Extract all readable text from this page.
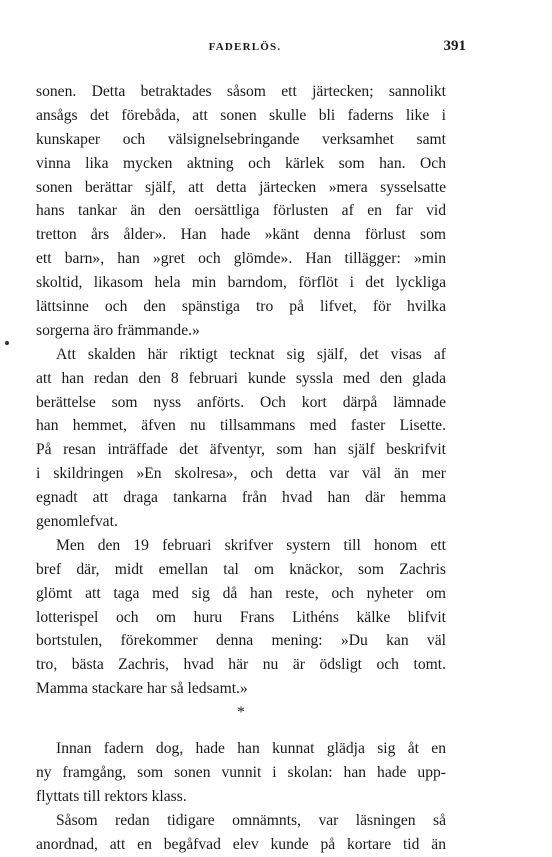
FADERLÖS.	391
sonen. Detta betraktades såsom ett järtecken; sannolikt
ansågs det förebåda, att sonen skulle bli faderns like i
kunskaper och välsignelsebringande verksamhet samt
vinna lika mycken aktning och kärlek som han. Och
sonen berättar själf, att detta järtecken »mera sysselsatte
hans tankar än den oersättliga förlusten af en far vid
tretton års ålder». Han hade »känt denna förlust som
ett barn», han »gret och glömde». Han tillägger: »min
skoltid, likasom hela min barndom, förflöt i det lyckliga
lättsinne och den spänstiga tro på lifvet, för hvilka
sorgerna äro främmande.»
Att skalden här riktigt tecknat sig själf, det visas af
att han redan den 8 februari kunde syssla med den glada
berättelse som nyss anförts. Och kort därpå lämnade
han hemmet, äfven nu tillsammans med faster Lisette.
På resan inträffade det äfventyr, som han själf beskrifvit
i skildringen »En skolresa», och detta var väl än mer
egnadt att draga tankarna från hvad han där hemma
genomlefvat.
Men den 19 februari skrifver systern till honom ett
bref där, midt emellan tal om knäckor, som Zachris
glömt att taga med sig då han reste, och nyheter om
lotterispel och om huru Frans Lithéns kälke blifvit
bortstulen, förekommer denna mening: »Du kan väl
tro, bästa Zachris, hvad här nu är ödsligt och tomt.
Mamma stackare har så ledsamt.»
*
Innan fadern dog, hade han kunnat glädja sig åt en
ny framgång, som sonen vunnit i skolan: han hade upp-
flyttats till rektors klass.
Såsom redan tidigare omnämnts, var läsningen så
anordnad, att en begåfvad elev kunde på kortare tid än
